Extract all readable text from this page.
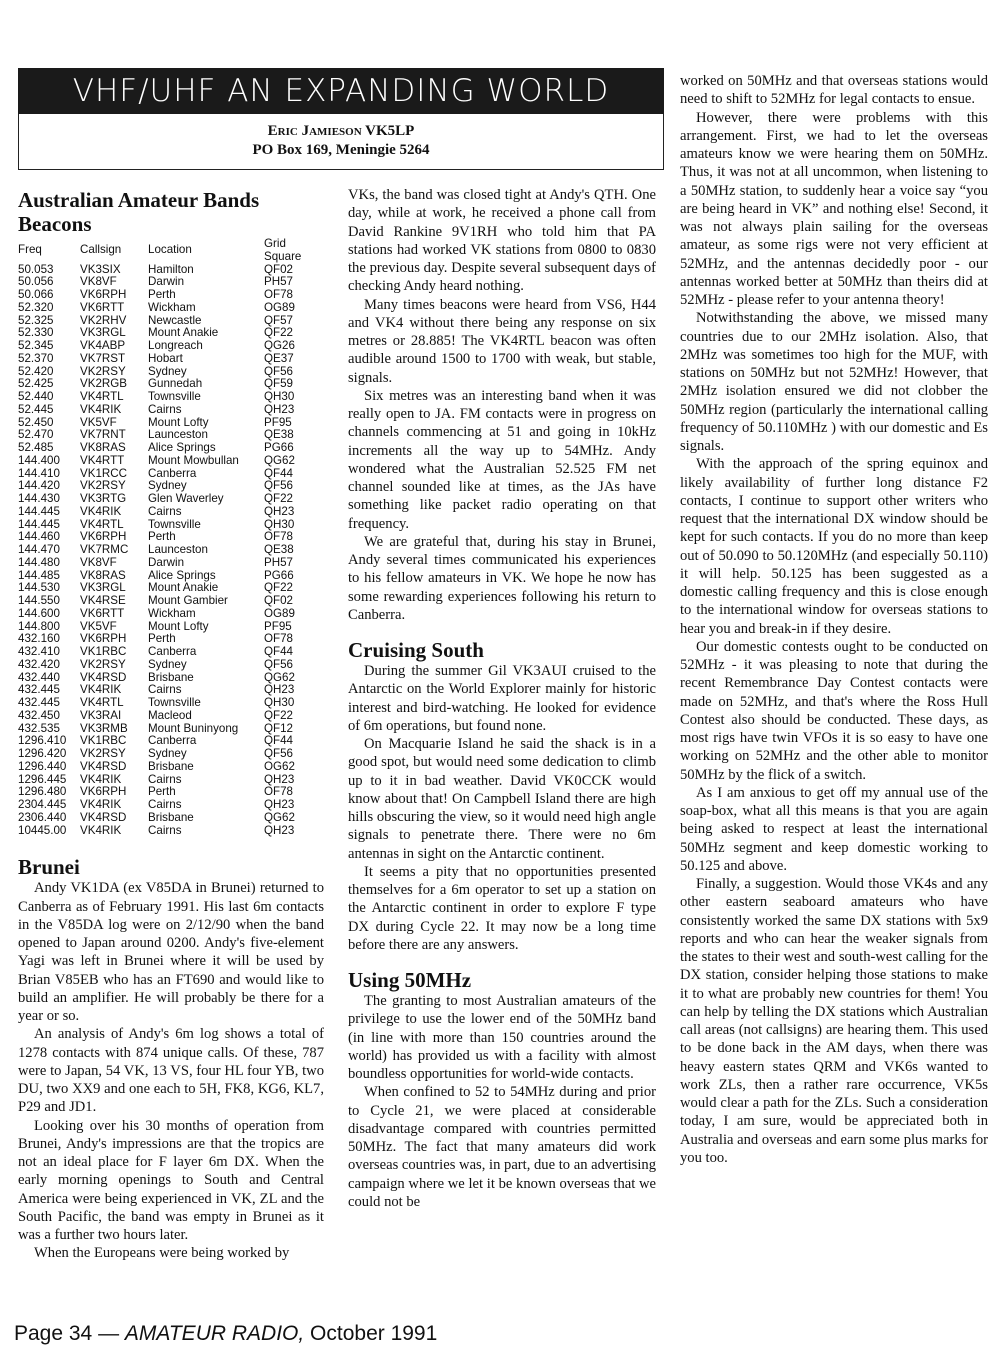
VHF/UHF AN EXPANDING WORLD
Eric Jamieson VK5LP
PO Box 169, Meningie 5264
Australian Amateur Bands
Beacons
Freq	Callsign	Location	Grid Square
50.053	VK3SIX	Hamilton	QF02
50.056	VK8VF	Darwin	PH57
50.066	VK6RPH	Perth	OF78
52.320	VK6RTT	Wickham	OG89
52.325	VK2RHV	Newcastle	QF57
52.330	VK3RGL	Mount Anakie	QF22
52.345	VK4ABP	Longreach	QG26
52.370	VK7RST	Hobart	QE37
52.420	VK2RSY	Sydney	QF56
52.425	VK2RGB	Gunnedah	QF59
52.440	VK4RTL	Townsville	QH30
52.445	VK4RIK	Cairns	QH23
52.450	VK5VF	Mount Lofty	PF95
52.470	VK7RNT	Launceston	QE38
52.485	VK8RAS	Alice Springs	PG66
144.400	VK4RTT	Mount Mowbullan	QG62
144.410	VK1RCC	Canberra	QF44
144.420	VK2RSY	Sydney	QF56
144.430	VK3RTG	Glen Waverley	QF22
144.445	VK4RIK	Cairns	QH23
144.445	VK4RTL	Townsville	QH30
144.460	VK6RPH	Perth	OF78
144.470	VK7RMC	Launceston	QE38
144.480	VK8VF	Darwin	PH57
144.485	VK8RAS	Alice Springs	PG66
144.530	VK3RGL	Mount Anakie	QF22
144.550	VK4RSE	Mount Gambier	QF02
144.600	VK6RTT	Wickham	OG89
144.800	VK5VF	Mount Lofty	PF95
432.160	VK6RPH	Perth	OF78
432.410	VK1RBC	Canberra	QF44
432.420	VK2RSY	Sydney	QF56
432.440	VK4RSD	Brisbane	QG62
432.445	VK4RIK	Cairns	QH23
432.445	VK4RTL	Townsville	QH30
432.450	VK3RAI	Macleod	QF22
432.535	VK3RMB	Mount Buninyong	QF12
1296.410	VK1RBC	Canberra	QF44
1296.420	VK2RSY	Sydney	QF56
1296.440	VK4RSD	Brisbane	OG62
1296.445	VK4RIK	Cairns	QH23
1296.480	VK6RPH	Perth	OF78
2304.445	VK4RIK	Cairns	QH23
2306.440	VK4RSD	Brisbane	QG62
10445.00	VK4RIK	Cairns	QH23
Brunei

Andy VK1DA (ex V85DA in Brunei) returned to Canberra as of February 1991. His last 6m contacts in the V85DA log were on 2/12/90 when the band opened to Japan around 0200. Andy's five-element Yagi was left in Brunei where it will be used by Brian V85EB who has an FT690 and would like to build an amplifier. He will probably be there for a year or so.

An analysis of Andy's 6m log shows a total of 1278 contacts with 874 unique calls. Of these, 787 were to Japan, 54 VK, 13 VS, four HL four YB, two DU, two XX9 and one each to 5H, FK8, KG6, KL7, P29 and JD1.

Looking over his 30 months of operation from Brunei, Andy's impressions are that the tropics are not an ideal place for F layer 6m DX. When the early morning openings to South and Central America were being experienced in VK, ZL and the South Pacific, the band was empty in Brunei as it was a further two hours later.

When the Europeans were being worked by

VKs, the band was closed tight at Andy's QTH. One day, while at work, he received a phone call from David Rankine 9V1RH who told him that PA stations had worked VK stations from 0800 to 0830 the previous day. Despite several subsequent days of checking Andy heard nothing.

Many times beacons were heard from VS6, H44 and VK4 without there being any response on six metres or 28.885! The VK4RTL beacon was often audible around 1500 to 1700 with weak, but stable, signals.

Six metres was an interesting band when it was really open to JA. FM contacts were in progress on channels commencing at 51 and going in 10kHz increments all the way up to 54MHz. Andy wondered what the Australian 52.525 FM net channel sounded like at times, as the JAs have something like packet radio operating on that frequency.

We are grateful that, during his stay in Brunei, Andy several times communicated his experiences to his fellow amateurs in VK. We hope he now has some rewarding experiences following his return to Canberra.

Cruising South

During the summer Gil VK3AUI cruised to the Antarctic on the World Explorer mainly for historic interest and bird-watching. He looked for evidence of 6m operations, but found none.

On Macquarie Island he said the shack is in a good spot, but would need some dedication to climb up to it in bad weather. David VK0CCK would know about that! On Campbell Island there are high hills obscuring the view, so it would need high angle signals to penetrate there. There were no 6m antennas in sight on the Antarctic continent.

It seems a pity that no opportunities presented themselves for a 6m operator to set up a station on the Antarctic continent in order to explore F type DX during Cycle 22. It may now be a long time before there are any answers.

Using 50MHz

The granting to most Australian amateurs of the privilege to use the lower end of the 50MHz band (in line with more than 150 countries around the world) has provided us with a facility with almost boundless opportunities for world-wide contacts.

When confined to 52 to 54MHz during and prior to Cycle 21, we were placed at considerable disadvantage compared with countries permitted 50MHz. The fact that many amateurs did work overseas countries was, in part, due to an advertising campaign where we let it be known overseas that we could not be

worked on 50MHz and that overseas stations would need to shift to 52MHz for legal contacts to ensue.

However, there were problems with this arrangement. First, we had to let the overseas amateurs know we were hearing them on 50MHz. Thus, it was not at all uncommon, when listening to a 50MHz station, to suddenly hear a voice say “you are being heard in VK” and nothing else! Second, it was not always plain sailing for the overseas amateur, as some rigs were not very efficient at 52MHz, and the antennas decidedly poor - our antennas worked better at 50MHz than theirs did at 52MHz - please refer to your antenna theory!

Notwithstanding the above, we missed many countries due to our 2MHz isolation. Also, that 2MHz was sometimes too high for the MUF, with stations on 50MHz but not 52MHz! However, that 2MHz isolation ensured we did not clobber the 50MHz region (particularly the international calling frequency of 50.110MHz ) with our domestic and Es signals.

With the approach of the spring equinox and likely availability of further long distance F2 contacts, I continue to support other writers who request that the international DX window should be kept for such contacts. If you do no more than keep out of 50.090 to 50.120MHz (and especially 50.110) it will help. 50.125 has been suggested as a domestic calling frequency and this is close enough to the international window for overseas stations to hear you and break-in if they desire.

Our domestic contests ought to be conducted on 52MHz - it was pleasing to note that during the recent Remembrance Day Contest contacts were made on 52MHz, and that's where the Ross Hull Contest also should be conducted. These days, as most rigs have twin VFOs it is so easy to have one working on 52MHz and the other able to monitor 50MHz by the flick of a switch.

As I am anxious to get off my annual use of the soap-box, what all this means is that you are again being asked to respect at least the international 50MHz segment and keep domestic working to 50.125 and above.

Finally, a suggestion. Would those VK4s and any other eastern seaboard amateurs who have consistently worked the same DX stations with 5x9 reports and who can hear the weaker signals from the states to their west and south-west calling for the DX station, consider helping those stations to make it to what are probably new countries for them! You can help by telling the DX stations which Australian call areas (not callsigns) are hearing them. This used to be done back in the AM days, when there was heavy eastern states QRM and VK6s wanted to work ZLs, then a rather rare occurrence, VK5s would clear a path for the ZLs. Such a consideration today, I am sure, would be appreciated both in Australia and overseas and earn some plus marks for you too.

Page 34 — AMATEUR RADIO, October 1991
